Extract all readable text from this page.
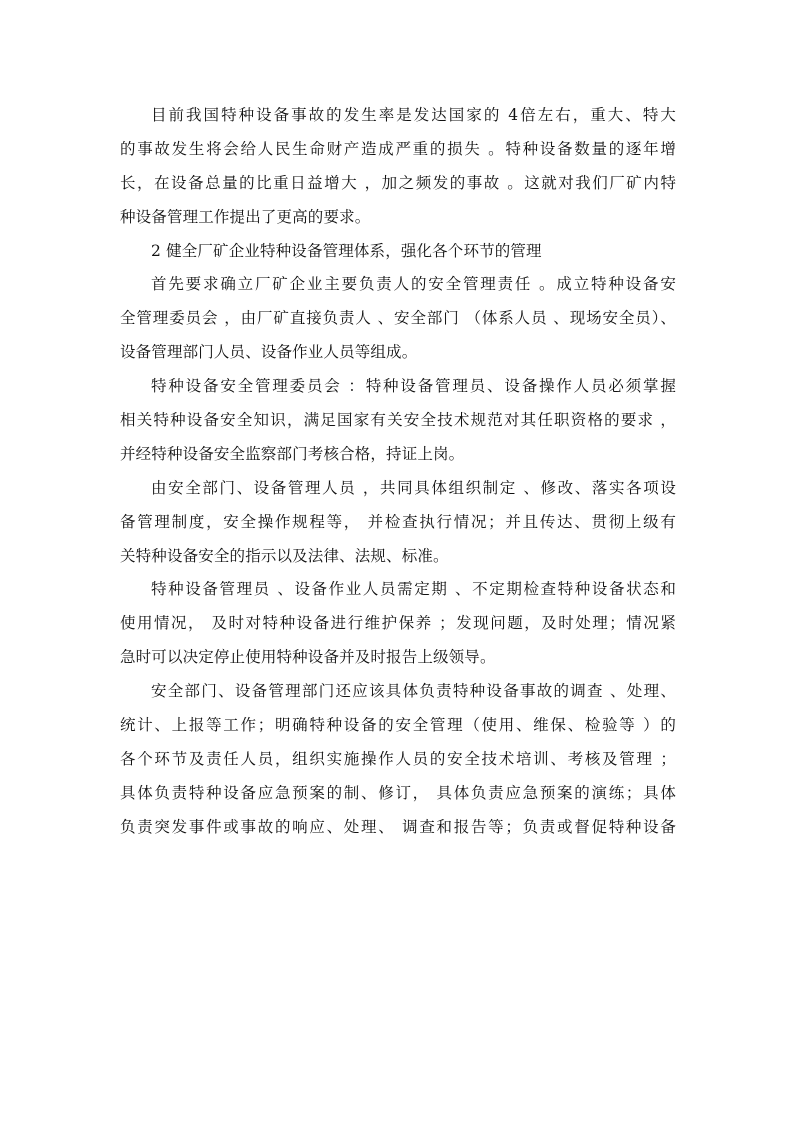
目前我国特种设备事故的发生率是发达国家的 4倍左右，重大、特大
的事故发生将会给人民生命财产造成严重的损失 。特种设备数量的逐年增
长，在设备总量的比重日益增大 ，加之频发的事故 。这就对我们厂矿内特
种设备管理工作提出了更高的要求。
2 健全厂矿企业特种设备管理体系，强化各个环节的管理
首先要求确立厂矿企业主要负责人的安全管理责任 。成立特种设备安
全管理委员会 ，由厂矿直接负责人 、安全部门 （体系人员 、现场安全员）、
设备管理部门人员、设备作业人员等组成。
特种设备安全管理委员会 ：特种设备管理员、设备操作人员必须掌握
相关特种设备安全知识，满足国家有关安全技术规范对其任职资格的要求 ，
并经特种设备安全监察部门考核合格，持证上岗。
由安全部门、设备管理人员 ，共同具体组织制定 、修改、落实各项设
备管理制度，安全操作规程等， 并检查执行情况；并且传达、贯彻上级有
关特种设备安全的指示以及法律、法规、标准。
特种设备管理员 、设备作业人员需定期 、不定期检查特种设备状态和
使用情况， 及时对特种设备进行维护保养 ；发现问题，及时处理；情况紧
急时可以决定停止使用特种设备并及时报告上级领导。
安全部门、设备管理部门还应该具体负责特种设备事故的调查 、处理、
统计、上报等工作；明确特种设备的安全管理（使用、维保、检验等 ）的
各个环节及责任人员，组织实施操作人员的安全技术培训、考核及管理 ；
具体负责特种设备应急预案的制、修订， 具体负责应急预案的演练；具体
负责突发事件或事故的响应、处理、 调查和报告等；负责或督促特种设备
